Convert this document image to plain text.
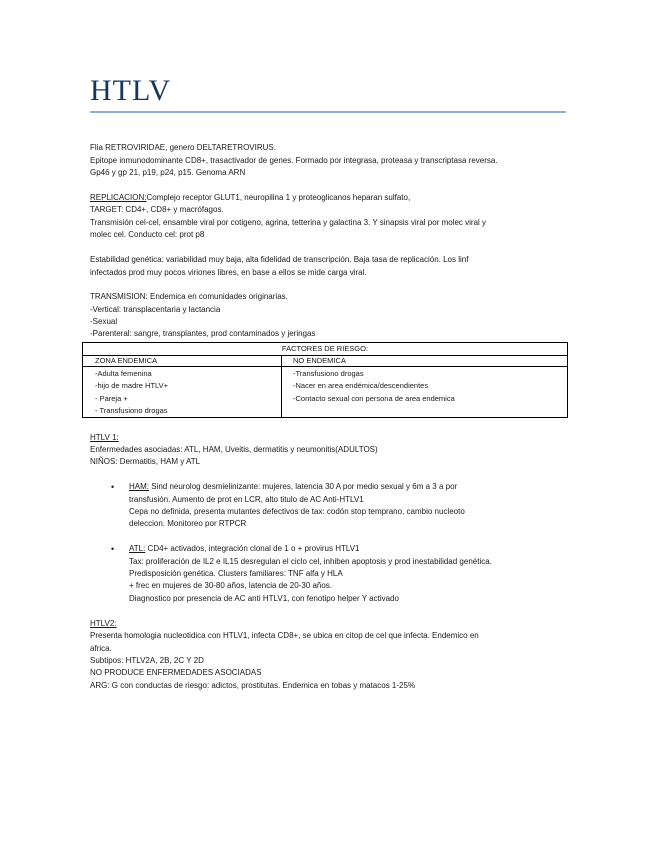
HTLV
Flia RETROVIRIDAE, genero DELTARETROVIRUS.
Epitope inmunodominante CD8+, trasactivador de genes. Formado por integrasa, proteasa y transcriptasa reversa.
Gp46 y gp 21, p19, p24, p15. Genoma ARN
REPLICACION:Complejo receptor GLUT1, neuropilina 1 y proteoglicanos heparan sulfato,
TARGET: CD4+, CD8+ y macrófagos.
Transmisión cel-cel, ensamble viral por cotigeno, agrina, tetterina y galactina 3. Y sinapsis viral por molec viral y
molec cel. Conducto cel: prot p8
Estabilidad genética: variabilidad muy baja, alta fidelidad de transcripción. Baja tasa de replicación. Los linf
infectados prod muy pocos viriones libres, en base a ellos se mide carga viral.
TRANSMISION: Endemica en comunidades originarias.
-Vertical: transplacentaria y lactancia
-Sexual
-Parenteral: sangre, transplantes, prod contaminados y jeringas
FACTORES DE RIESGO:
ZONA ENDEMICA	NO ENDEMICA
-Adulta femenina
-hijo de madre HTLV+
- Pareja +
- Transfusiono drogas
-Transfusiono drogas
-Nacer en area endémica/descendientes
-Contacto sexual con persona de area endemica
HTLV 1:
Enfermedades asociadas: ATL, HAM, Uveitis, dermatitis y neumonitis(ADULTOS)
NIÑOS: Dermatitis, HAM y ATL
• HAM: Sind neurolog desmielinizante: mujeres, latencia 30 A por medio sexual y 6m a 3 a por
transfusión. Aumento de prot en LCR, alto titulo de AC Anti-HTLV1
Cepa no definida, presenta mutantes defectivos de tax: codón stop temprano, cambio nucleoto
deleccion. Monitoreo por RTPCR
• ATL: CD4+ activados, integración clonal de 1 o + provirus HTLV1
Tax: proliferación de IL2 e IL15 desregulan el ciclo cel, inhiben apoptosis y prod inestabilidad genética.
Predisposición genética. Clusters familiares: TNF alfa y HLA
+ frec en mujeres de 30-80 años, latencia de 20-30 años.
Diagnostico por presencia de AC anti HTLV1, con fenotipo helper Y activado
HTLV2:
Presenta homologia nucleotidica con HTLV1, infecta CD8+, se ubica en citop de cel que infecta. Endemico en
africa.
Subtipos: HTLV2A, 2B, 2C Y 2D
NO PRODUCE ENFERMEDADES ASOCIADAS
ARG: G con conductas de riesgo: adictos, prostitutas. Endemica en tobas y matacos 1-25%
